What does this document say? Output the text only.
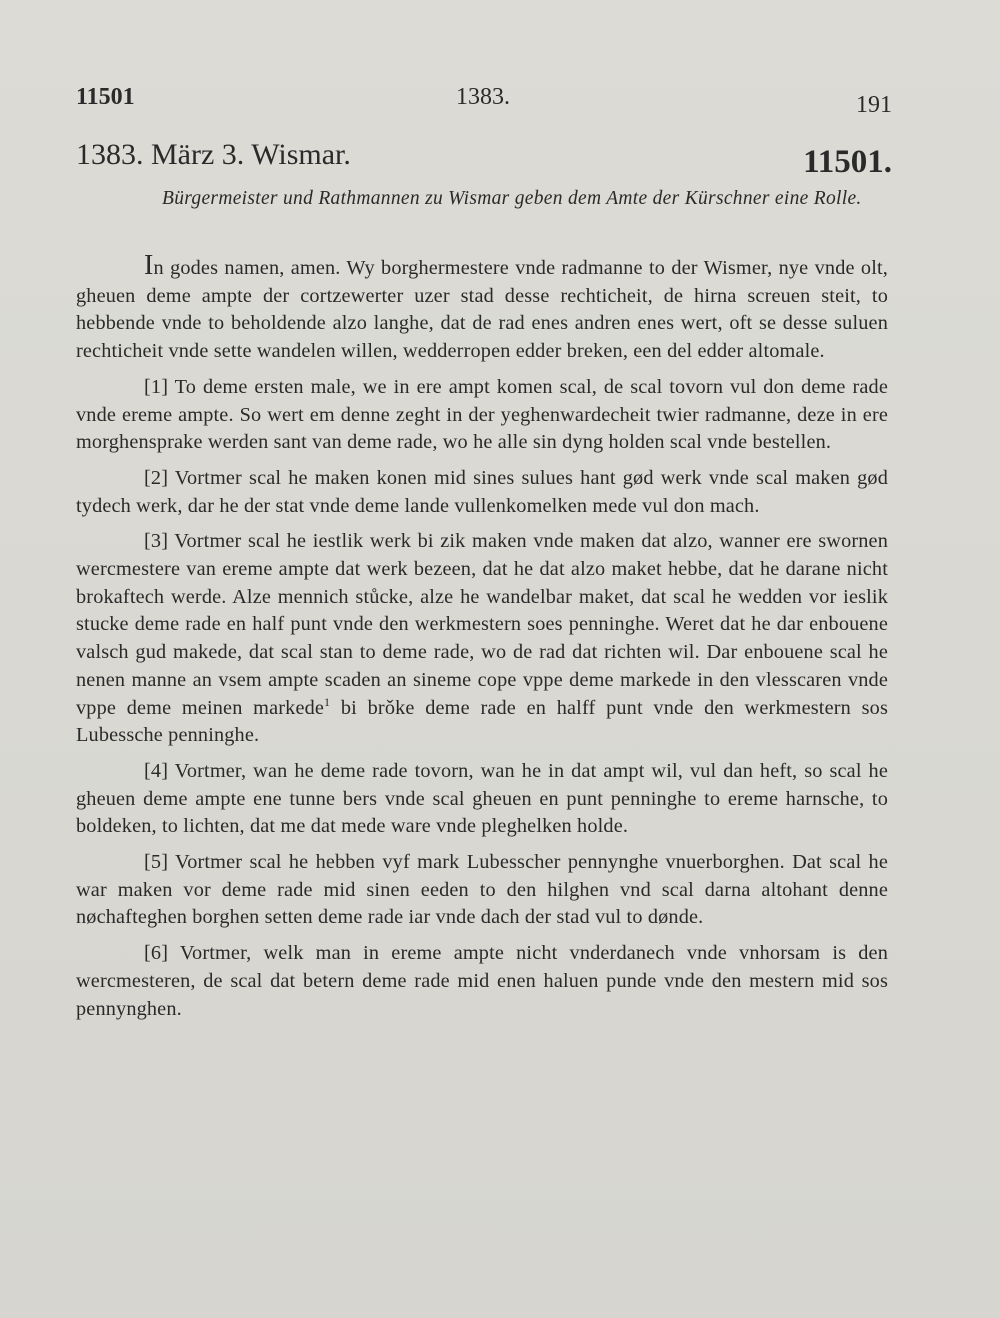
11501	1383.	191
1383. März 3. Wismar.	11501.
Bürgermeister und Rathmannen zu Wismar geben dem Amte der Kürschner eine Rolle.

In godes namen, amen. Wy borghermestere vnde radmanne to der Wismer, nye vnde olt, gheuen deme ampte der cortzewerter uzer stad desse rechticheit, de hirna screuen steit, to hebbende vnde to beholdende alzo langhe, dat de rad enes andren enes wert, oft se desse suluen rechticheit vnde sette wandelen willen, wedderropen edder breken, een del edder altomale.

[1] To deme ersten male, we in ere ampt komen scal, de scal tovorn vul don deme rade vnde ereme ampte. So wert em denne zeght in der yeghenwardecheit twier radmanne, deze in ere morghensprake werden sant van deme rade, wo he alle sin dyng holden scal vnde bestellen.

[2] Vortmer scal he maken konen mid sines sulues hant gød werk vnde scal maken gød tydech werk, dar he der stat vnde deme lande vullenkomelken mede vul don mach.

[3] Vortmer scal he iestlik werk bi zik maken vnde maken dat alzo, wanner ere swornen wercmestere van ereme ampte dat werk bezeen, dat he dat alzo maket hebbe, dat he darane nicht brokaftech werde. Alze mennich stůcke, alze he wandelbar maket, dat scal he wedden vor ieslik stucke deme rade en half punt vnde den werkmestern soes penninghe. Weret dat he dar enbouene valsch gud makede, dat scal stan to deme rade, wo de rad dat richten wil. Dar enbouene scal he nenen manne an vsem ampte scaden an sineme cope vppe deme markede in den vlesscaren vnde vppe deme meinen markede$^1$ bi brǒke deme rade en halff punt vnde den werkmestern sos Lubessche penninghe.

[4] Vortmer, wan he deme rade tovorn, wan he in dat ampt wil, vul dan heft, so scal he gheuen deme ampte ene tunne bers vnde scal gheuen en punt penninghe to ereme harnsche, to boldeken, to lichten, dat me dat mede ware vnde pleghelken holde.

[5] Vortmer scal he hebben vyf mark Lubesscher pennynghe vnuerborghen. Dat scal he war maken vor deme rade mid sinen eeden to den hilghen vnd scal darna altohant denne nøchafteghen borghen setten deme rade iar vnde dach der stad vul to dønde.

[6] Vortmer, welk man in ereme ampte nicht vnderdanech vnde vnhorsam is den wercmesteren, de scal dat betern deme rade mid enen haluen punde vnde den mestern mid sos pennynghen.
